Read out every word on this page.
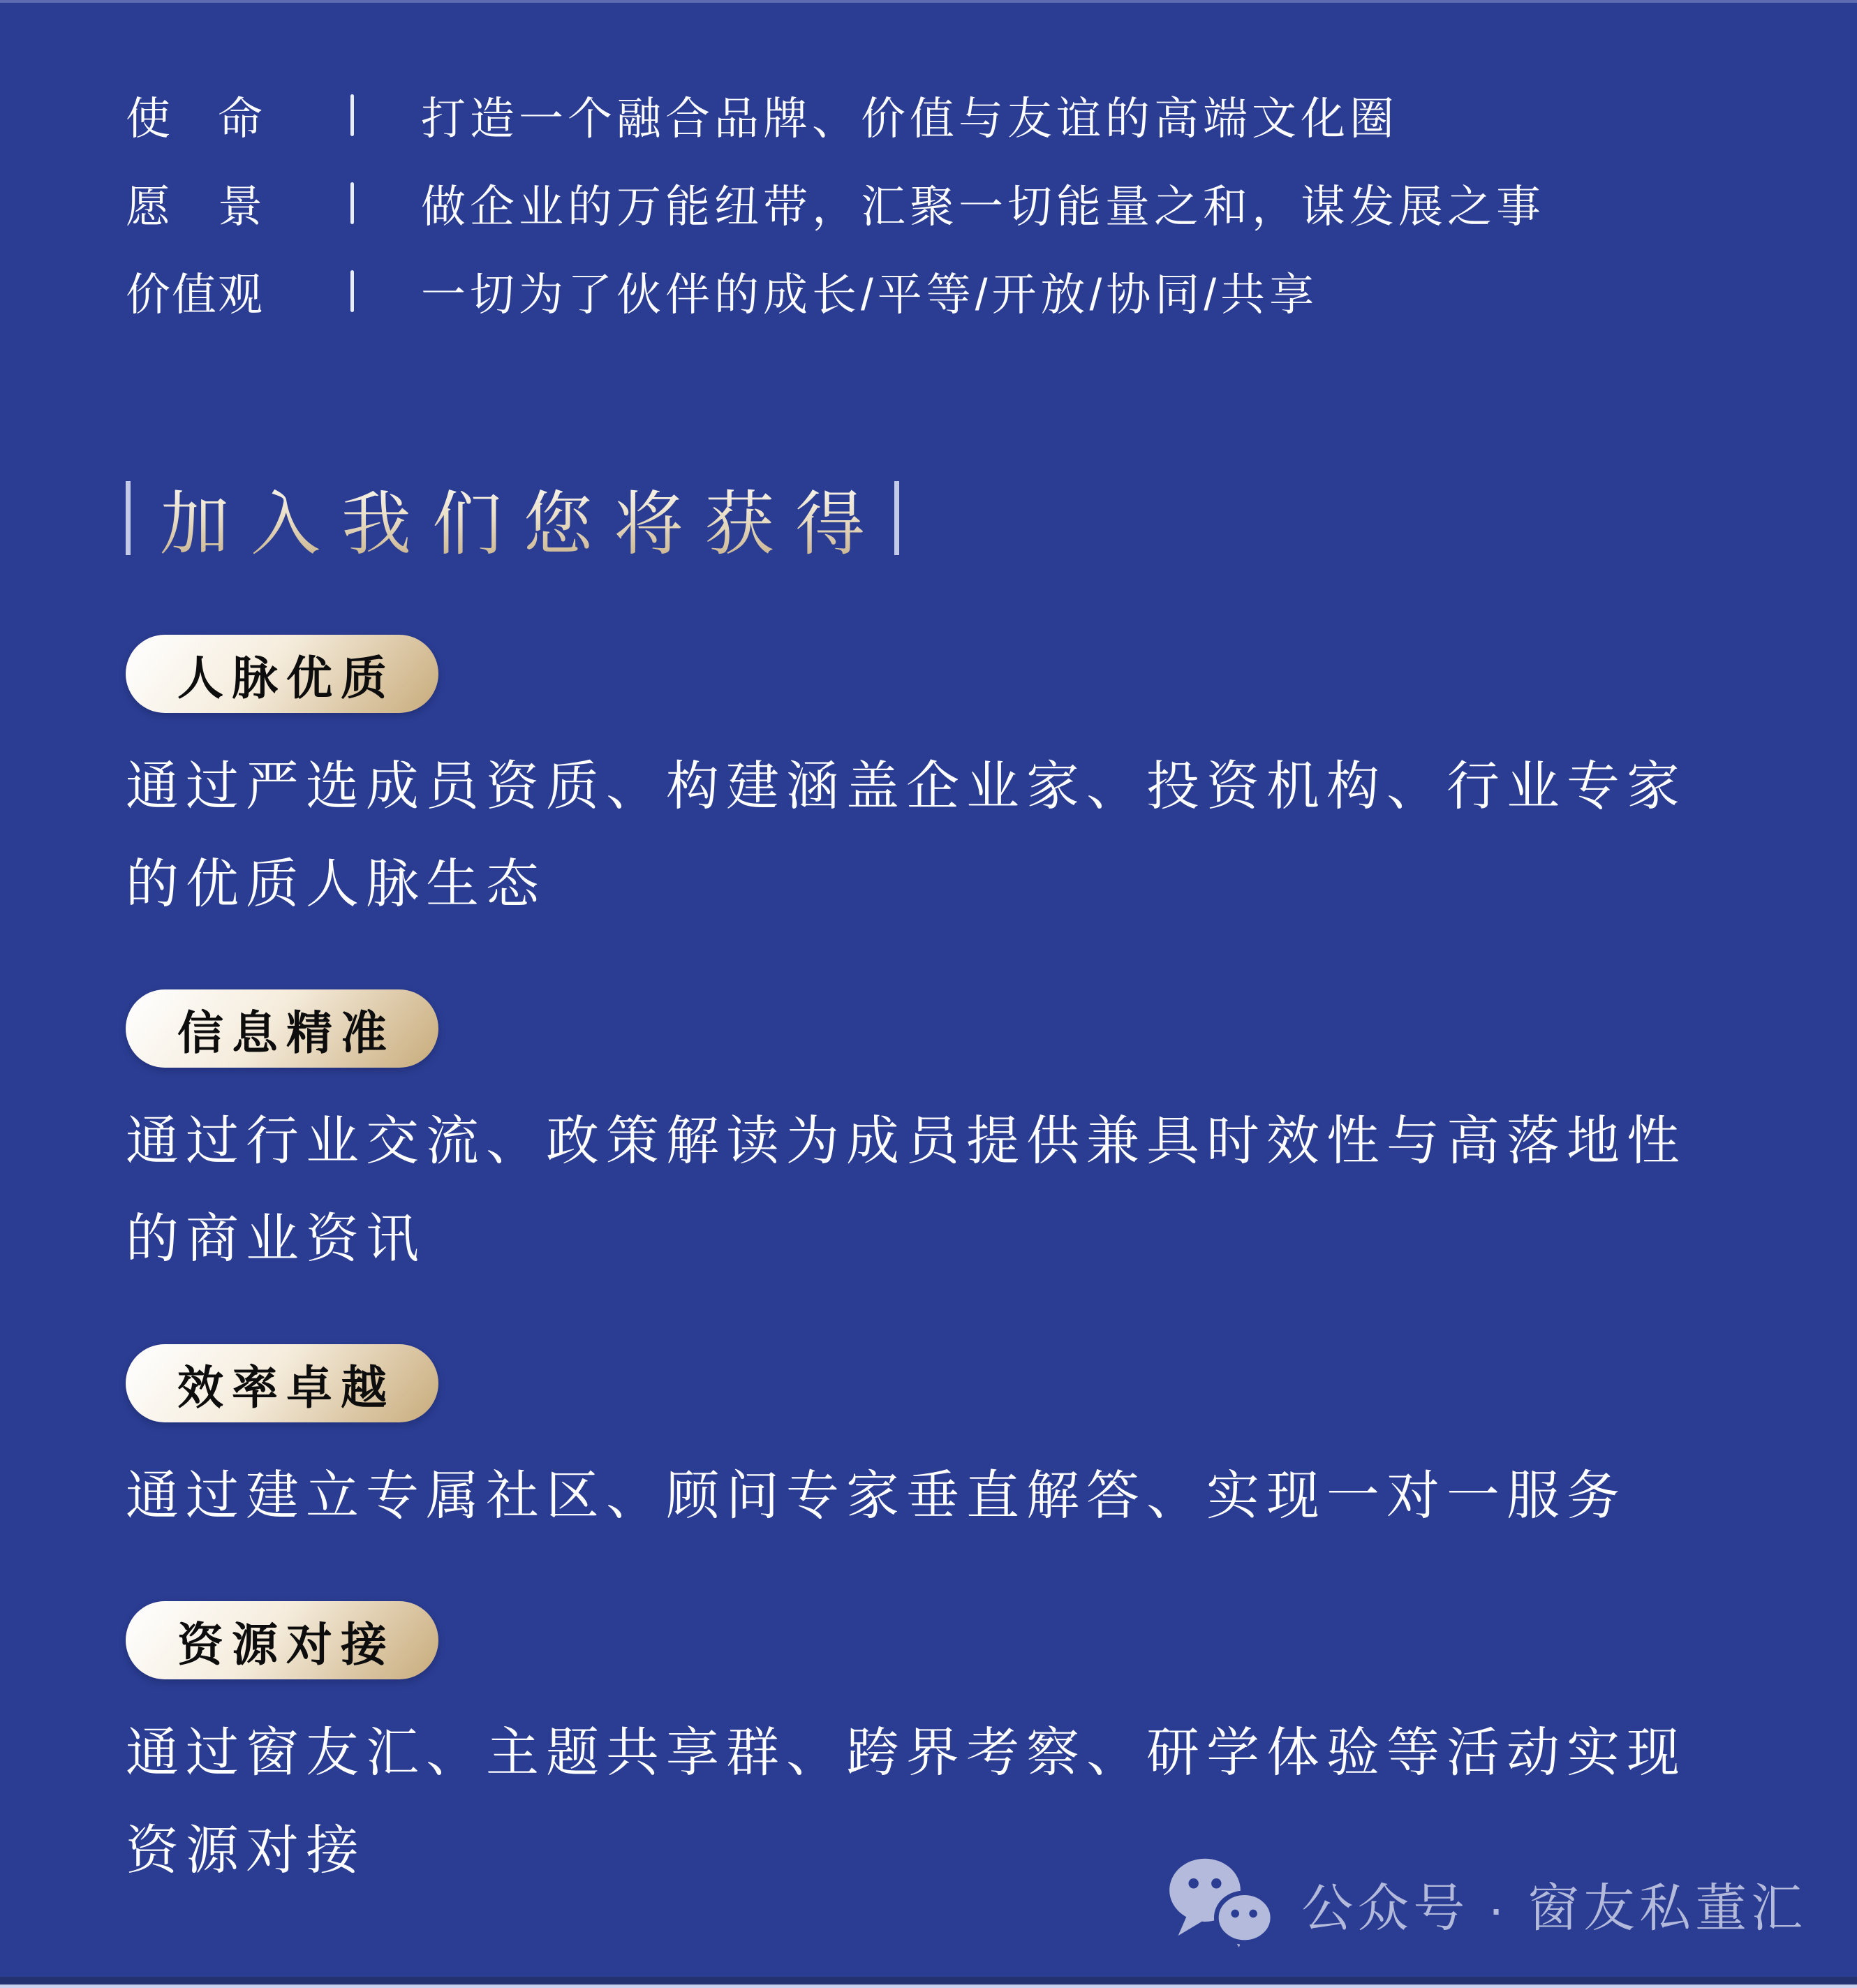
使 命	打造一个融合品牌、价值与友谊的高端文化圈
愿 景	做企业的万能纽带，汇聚一切能量之和，谋发展之事
价 值 观	一切为了伙伴的成长/平等/开放/协同/共享
加入我们您将获得
人脉优质
通过严选成员资质、构建涵盖企业家、投资机构、行业专家的优质人脉生态
信息精准
通过行业交流、政策解读为成员提供兼具时效性与高落地性的商业资讯
效率卓越
通过建立专属社区、顾问专家垂直解答、实现一对一服务
资源对接
通过窗友汇、主题共享群、跨界考察、研学体验等活动实现资源对接
公众号 · 窗友私董汇
